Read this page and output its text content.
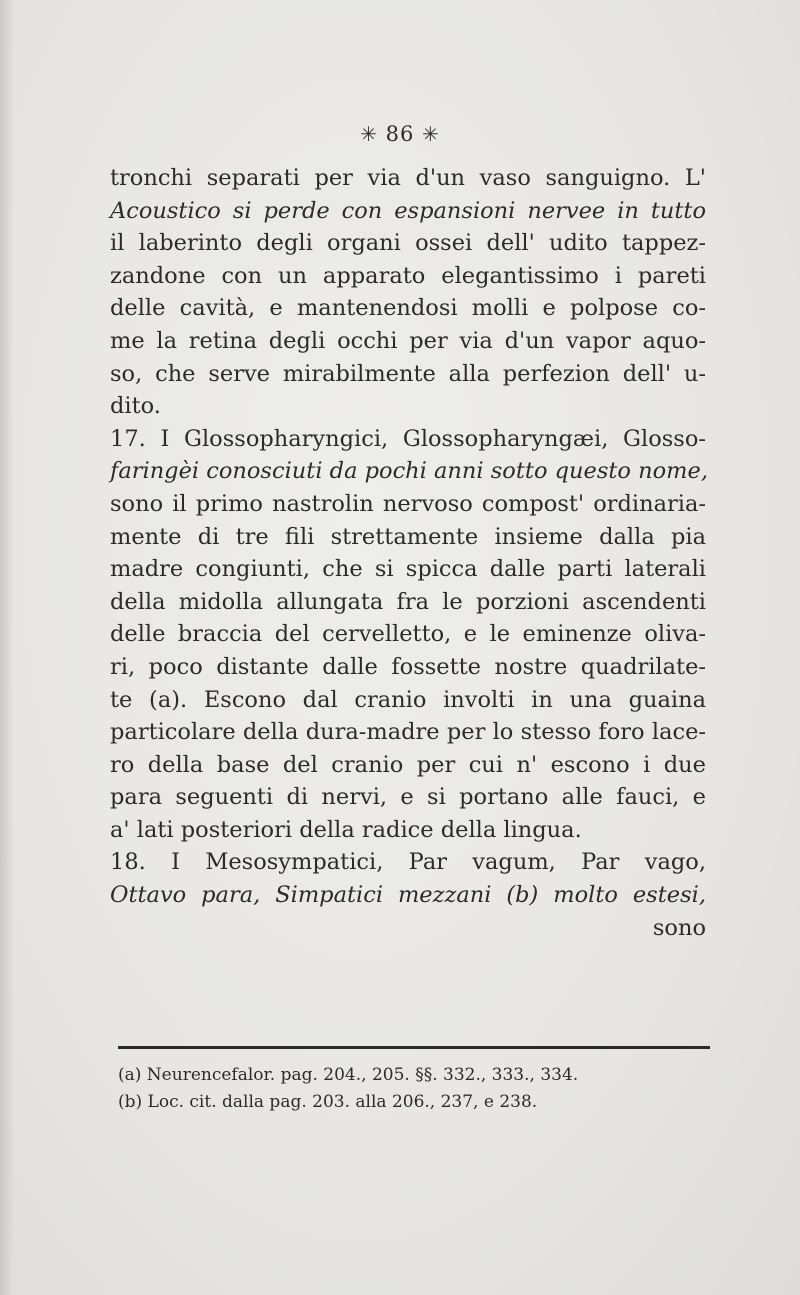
✳ 86 ✳
tronchi separati per via d'un vaso sanguigno. L'
Acoustico si perde con espansioni nervee in tutto
il laberinto degli organi ossei dell' udito tappez-
zandone con un apparato elegantissimo i pareti
delle cavità, e mantenendosi molli e polpose co-
me la retina degli occhi per via d'un vapor aquo-
so, che serve mirabilmente alla perfezion dell' u-
dito.
17. I Glossopharyngici, Glossopharyngæi, Glosso-
faringèi conosciuti da pochi anni sotto questo nome,
sono il primo nastrolin nervoso compost' ordinaria-
mente di tre fili strettamente insieme dalla pia
madre congiunti, che si spicca dalle parti laterali
della midolla allungata fra le porzioni ascendenti
delle braccia del cervelletto, e le eminenze oliva-
ri, poco distante dalle fossette nostre quadrilate-
te (a). Escono dal cranio involti in una guaina
particolare della dura-madre per lo stesso foro lace-
ro della base del cranio per cui n' escono i due
para seguenti di nervi, e si portano alle fauci, e
a' lati posteriori della radice della lingua.
18. I Mesosympatici, Par vagum, Par vago,
Ottavo para, Simpatici mezzani (b) molto estesi,
sono
(a) Neurencefalor. pag. 204., 205. §§. 332., 333., 334.
(b) Loc. cit. dalla pag. 203. alla 206., 237, e 238.
